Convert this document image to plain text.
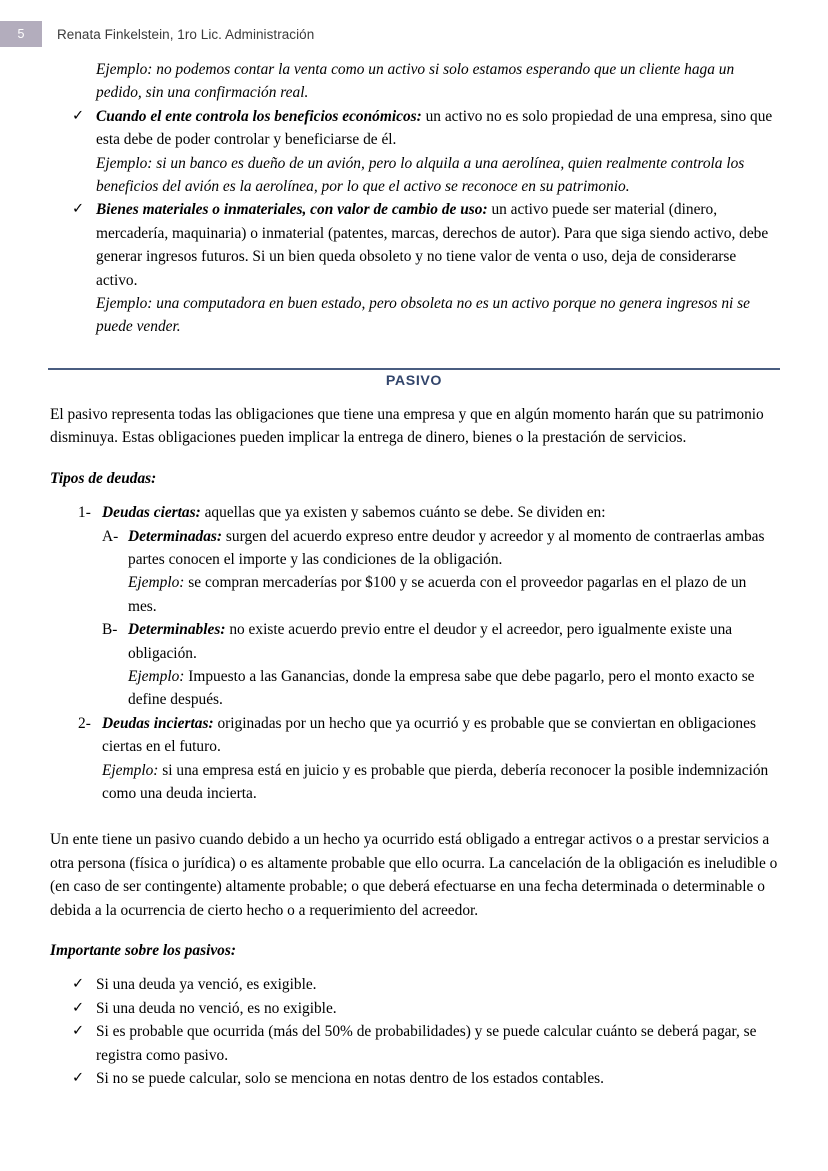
5 Renata Finkelstein, 1ro Lic. Administración

Ejemplo: no podemos contar la venta como un activo si solo estamos esperando que un cliente haga un pedido, sin una confirmación real.

✓ Cuando el ente controla los beneficios económicos: un activo no es solo propiedad de una empresa, sino que esta debe de poder controlar y beneficiarse de él.

Ejemplo: si un banco es dueño de un avión, pero lo alquila a una aerolínea, quien realmente controla los beneficios del avión es la aerolínea, por lo que el activo se reconoce en su patrimonio.

✓ Bienes materiales o inmateriales, con valor de cambio de uso: un activo puede ser material (dinero, mercadería, maquinaria) o inmaterial (patentes, marcas, derechos de autor). Para que siga siendo activo, debe generar ingresos futuros. Si un bien queda obsoleto y no tiene valor de venta o uso, deja de considerarse activo.

Ejemplo: una computadora en buen estado, pero obsoleta no es un activo porque no genera ingresos ni se puede vender.

PASIVO

El pasivo representa todas las obligaciones que tiene una empresa y que en algún momento harán que su patrimonio disminuya. Estas obligaciones pueden implicar la entrega de dinero, bienes o la prestación de servicios.

Tipos de deudas:

1- Deudas ciertas: aquellas que ya existen y sabemos cuánto se debe. Se dividen en:
A- Determinadas: surgen del acuerdo expreso entre deudor y acreedor y al momento de contraerlas ambas partes conocen el importe y las condiciones de la obligación.

Ejemplo: se compran mercaderías por $100 y se acuerda con el proveedor pagarlas en el plazo de un mes.

B- Determinables: no existe acuerdo previo entre el deudor y el acreedor, pero igualmente existe una obligación.

Ejemplo: Impuesto a las Ganancias, donde la empresa sabe que debe pagarlo, pero el monto exacto se define después.

2- Deudas inciertas: originadas por un hecho que ya ocurrió y es probable que se conviertan en obligaciones ciertas en el futuro.

Ejemplo: si una empresa está en juicio y es probable que pierda, debería reconocer la posible indemnización como una deuda incierta.

Un ente tiene un pasivo cuando debido a un hecho ya ocurrido está obligado a entregar activos o a prestar servicios a otra persona (física o jurídica) o es altamente probable que ello ocurra. La cancelación de la obligación es ineludible o (en caso de ser contingente) altamente probable; o que deberá efectuarse en una fecha determinada o determinable o debida a la ocurrencia de cierto hecho o a requerimiento del acreedor.

Importante sobre los pasivos:

✓ Si una deuda ya venció, es exigible.
✓ Si una deuda no venció, es no exigible.
✓ Si es probable que ocurrida (más del 50% de probabilidades) y se puede calcular cuánto se deberá pagar, se registra como pasivo.
✓ Si no se puede calcular, solo se menciona en notas dentro de los estados contables.
